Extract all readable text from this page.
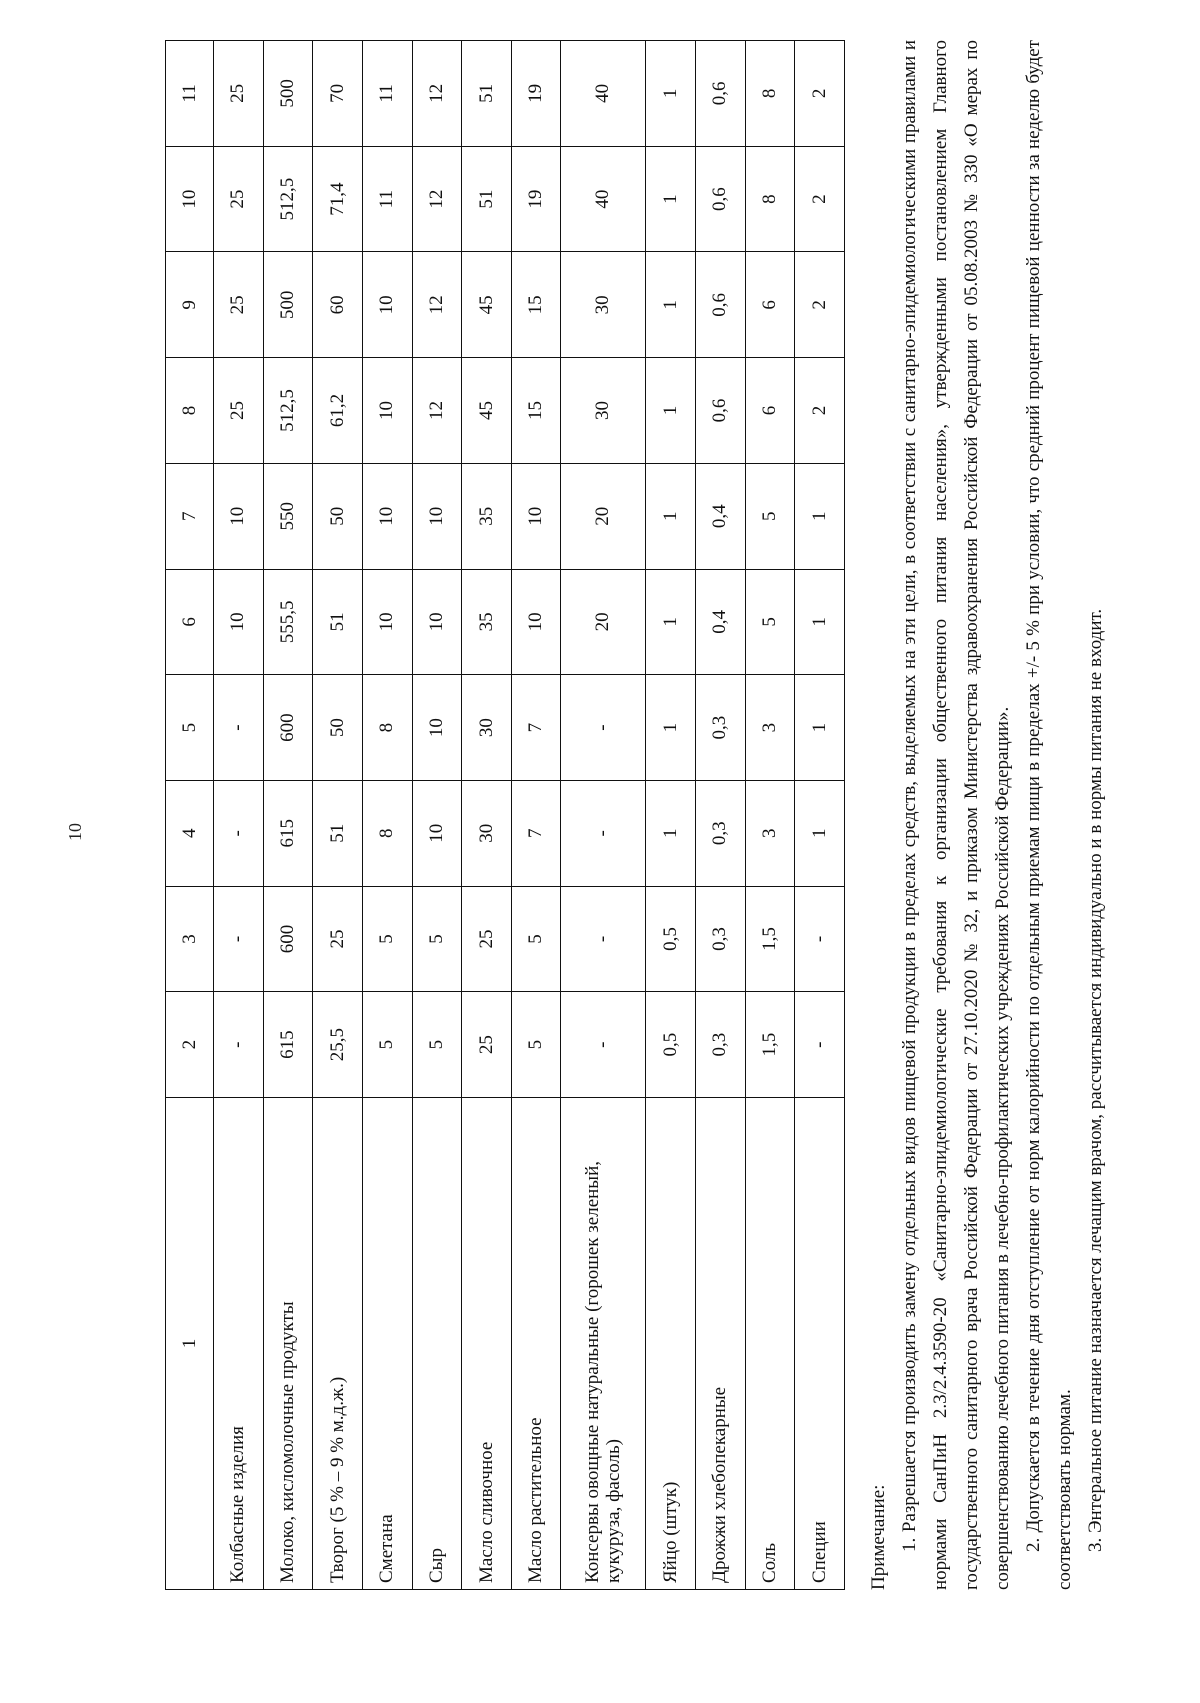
10
1	2	3	4	5	6	7	8	9	10	11
Колбасные изделия	-	-	-	-	10	10	25	25	25	25
Молоко, кисломолочные продукты	615	600	615	600	555,5	550	512,5	500	512,5	500
Творог (5 % – 9 % м.д.ж.)	25,5	25	51	50	51	50	61,2	60	71,4	70
Сметана	5	5	8	8	10	10	10	10	11	11
Сыр	5	5	10	10	10	10	12	12	12	12
Масло сливочное	25	25	30	30	35	35	45	45	51	51
Масло растительное	5	5	7	7	10	10	15	15	19	19
Консервы овощные натуральные (горошек зеленый, кукуруза, фасоль)	-	-	-	-	20	20	30	30	40	40
Яйцо (штук)	0,5	0,5	1	1	1	1	1	1	1	1
Дрожжи хлебопекарные	0,3	0,3	0,3	0,3	0,4	0,4	0,6	0,6	0,6	0,6
Соль	1,5	1,5	3	3	5	5	6	6	8	8
Специи	-	-	1	1	1	1	2	2	2	2

Примечание: 1. Разрешается производить замену отдельных видов пищевой продукции в пределах средств, выделяемых на эти цели, в соответствии с санитарно-эпидемиологическими правилами и нормами СанПиН 2.3/2.4.3590-20 «Санитарно-эпидемиологические требования к организации общественного питания населения», утвержденными постановлением Главного государственного санитарного врача Российской Федерации от 27.10.2020 № 32, и приказом Министерства здравоохранения Российской Федерации от 05.08.2003 № 330 «О мерах по совершенствованию лечебного питания в лечебно-профилактических учреждениях Российской Федерации». 2. Допускается в течение дня отступление от норм калорийности по отдельным приемам пищи в пределах +/- 5 % при условии, что средний процент пищевой ценности за неделю будет соответствовать нормам. 3. Энтеральное питание назначается лечащим врачом, рассчитывается индивидуально и в нормы питания не входит.
